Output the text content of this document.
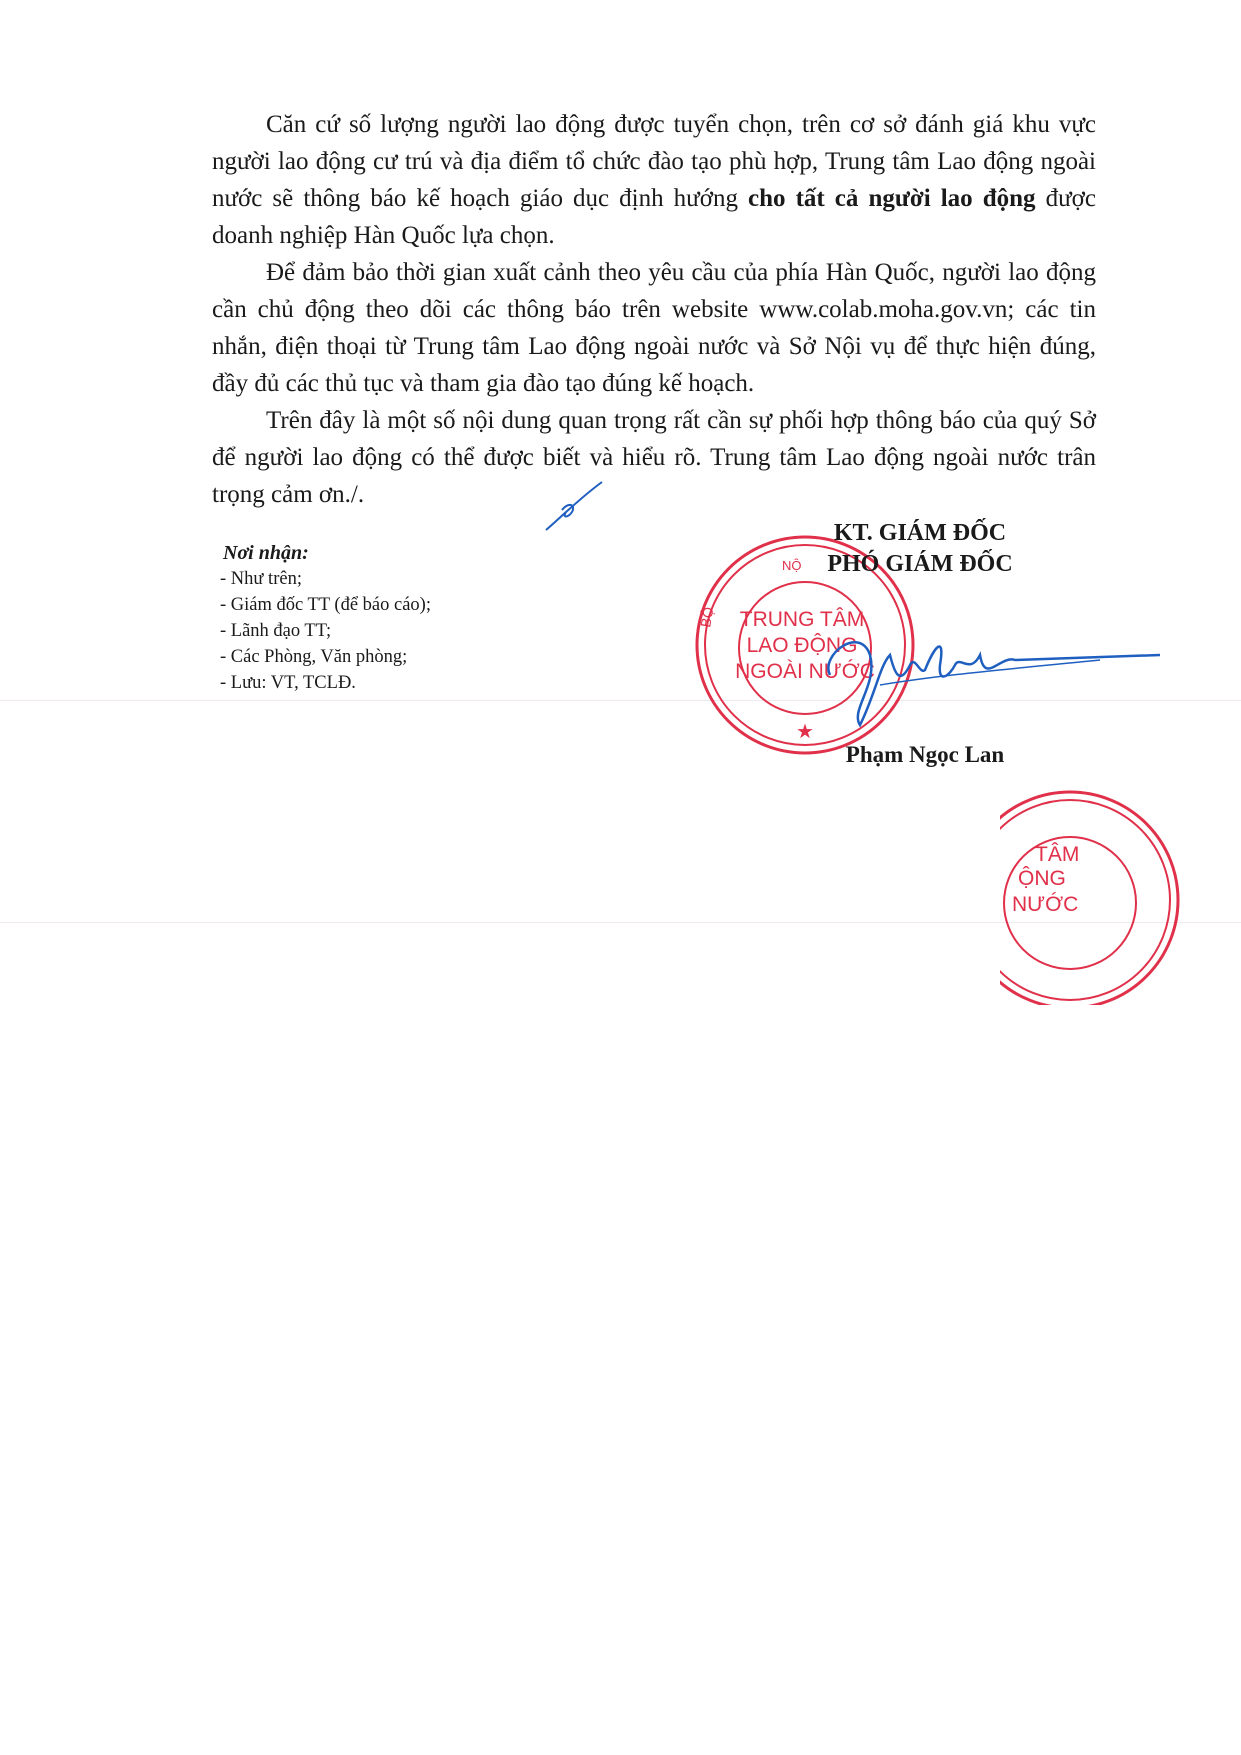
Căn cứ số lượng người lao động được tuyển chọn, trên cơ sở đánh giá khu vực người lao động cư trú và địa điểm tổ chức đào tạo phù hợp, Trung tâm Lao động ngoài nước sẽ thông báo kế hoạch giáo dục định hướng cho tất cả người lao động được doanh nghiệp Hàn Quốc lựa chọn.

Để đảm bảo thời gian xuất cảnh theo yêu cầu của phía Hàn Quốc, người lao động cần chủ động theo dõi các thông báo trên website www.colab.moha.gov.vn; các tin nhắn, điện thoại từ Trung tâm Lao động ngoài nước và Sở Nội vụ để thực hiện đúng, đầy đủ các thủ tục và tham gia đào tạo đúng kế hoạch.

Trên đây là một số nội dung quan trọng rất cần sự phối hợp thông báo của quý Sở để người lao động có thể được biết và hiểu rõ. Trung tâm Lao động ngoài nước trân trọng cảm ơn./.

Nơi nhận:
- Như trên;
- Giám đốc TT (để báo cáo);
- Lãnh đạo TT;
- Các Phòng, Văn phòng;
- Lưu: VT, TCLĐ.
TRUNG TÂM
LAO ĐỘNG
NGOÀI NƯỚC
BỘ
NỘ
★
KT. GIÁM ĐỐC
PHÓ GIÁM ĐỐC
Phạm Ngọc Lan
TÂM
ỘNG
NƯỚC
